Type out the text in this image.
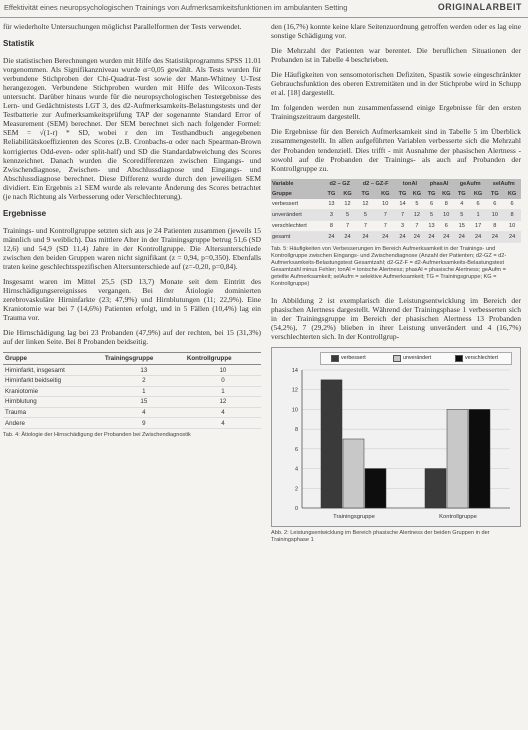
Effektivität eines neuropsychologischen Trainings von Aufmerksamkeitsfunktionen im ambulanten Setting	ORIGINALARBEIT

für wiederholte Untersuchungen möglichst Parallelformen der Tests verwendet.

Statistik

Die statistischen Berechnungen wurden mit Hilfe des Statistikprogramms SPSS 11.01 vorgenommen. Als Signifikanzniveau wurde α=0,05 gewählt. Als Tests wurden für verbundene Stichproben der Chi-Quadrat-Test sowie der Mann-Whitney U-Test herangezogen. Verbundene Stichproben wurden mit Hilfe des Wilcoxon-Tests untersucht. Darüber hinaus wurde für die neuropsychologischen Testergebnisse des Lern- und Gedächtnistests LGT 3, des d2-Aufmerksamkeits-Belastungstests und der Testbatterie zur Aufmerksamkeitsprüfung TAP der sogenannte Standard Error of Measurement (SEM) berechnet. Der SEM berechnet sich nach folgender Formel: SEM = √(1-r) * SD, wobei r den im Testhandbuch angegebenen Reliabilitätskoeffizienten des Scores (z.B. Cronbachs-α oder nach Spearman-Brown korrigiertes Odd-even- oder split-half) und SD die Standardabweichung des Scores kennzeichnet. Danach wurden die Scoredifferenzen zwischen Eingangs- und Zwischendiagnose, Zwischen- und Abschlussdiagnose und Eingangs- und Abschlussdiagnose berechnet. Diese Differenz wurde durch den jeweiligen SEM dividiert. Ein Ergebnis ≥1 SEM wurde als relevante Änderung des Scores betrachtet (je nach Richtung als Verbesserung oder Verschlechterung).

Ergebnisse

Trainings- und Kontrollgruppe setzten sich aus je 24 Patienten zusammen (jeweils 15 männlich und 9 weiblich). Das mittlere Alter in der Trainingsgruppe betrug 51,6 (SD 12,6) und 54,9 (SD 11,4) Jahre in der Kontrollgruppe. Die Altersunterschiede zwischen den beiden Gruppen waren nicht signifikant (z = 0,94, p=0,350). Ebenfalls traten keine geschlechtsspezifischen Altersunterschiede auf (z=-0,20, p=0,84).

Insgesamt waren im Mittel 25,5 (SD 13,7) Monate seit dem Eintritt des Hirnschädigungsereignisses vergangen. Bei der Ätiologie dominierten zerebrovaskuläre Hirninfarkte (23; 47,9%) und Hirnblutungen (11; 22,9%). Eine Kraniotomie war bei 7 (14,6%) Patienten erfolgt, und in 5 Fällen (10,4%) lag ein Trauma vor.

Die Hirnschädigung lag bei 23 Probanden (47,9%) auf der rechten, bei 15 (31,3%) auf der linken Seite. Bei 8 Probanden beidseitig.

Gruppe	Trainingsgruppe	Kontrollgruppe
Hirninfarkt, insgesamt	13	10
Hirninfarkt beidseitig	2	0
Kraniotomie	1	1
Hirnblutung	15	12
Trauma	4	4
Andere	9	4
Tab. 4: Ätiologie der Hirnschädigung der Probanden bei Zwischendiagnostik

den (16,7%) konnte keine klare Seitenzuordnung getroffen werden oder es lag eine sonstige Schädigung vor.

Die Mehrzahl der Patienten war berentet. Die beruflichen Situationen der Probanden ist in Tabelle 4 beschrieben.

Die Häufigkeiten von sensomotorischen Defiziten, Spastik sowie eingeschränkter Gebrauchsfunktion des oberen Extremitäten und in der Stichprobe wird in Schupp et al. [18] dargestellt.

Im folgenden werden nun zusammenfassend einige Ergebnisse für den ersten Trainingszeitraum dargestellt.

Die Ergebnisse für den Bereich Aufmerksamkeit sind in Tabelle 5 im Überblick zusammengestellt. In allen aufgeführten Variablen verbesserte sich die Mehrzahl der Probanden tendenziell. Dies trifft - mit Ausnahme der phasischen Alertness - sowohl auf die Probanden der Trainings- als auch auf Probanden der Kontrollgruppe zu.

Variable	d2 – GZ		d2 – GZ-F		tonAl		phasAl		geAufm		selAufm	
Gruppe	TG	KG	TG	KG	TG	KG	TG	KG	TG	KG	TG	KG
verbessert	13	12	12	10	14	5	6	8	4	6	6	6
unverändert	3	5	5	7	7	12	5	10	5	1	10	8
verschlechtert	8	7	7	7	3	7	13	6	15	17	8	10
gesamt	24	24	24	24	24	24	24	24	24	24	24	24
Tab. 5: Häufigkeiten von Verbesserungen im Bereich Aufmerksamkeit in der Trainings- und Kontrollgruppe zwischen Eingangs- und Zwischendiagnose (Anzahl der Patienten; d2-GZ = d2-Aufmerksamkeits-Belastungstest Gesamtzahl; d2-GZ-F = d2-Aufmerksamkeits-Belastungstest Gesamtzahl minus Fehler; tonAl = tonische Alertness; phasAl = phasische Alertness; geAufm = geteilte Aufmerksamkeit; selAufm = selektive Aufmerksamkeit; TG = Trainingsgruppe; KG = Kontrollgruppe)

In Abbildung 2 ist exemplarisch die Leistungsentwicklung im Bereich der phasischen Alertness dargestellt. Während der Trainingsphase 1 verbesserten sich in der Trainingsgruppe im Bereich der phasischen Alertness 13 Probanden (54,2%), 7 (29,2%) blieben in ihrer Leistung unverändert und 4 (16,7%) verschlechterten sich. In der Kontrollgrup-

verbessert	unverändert	verschlechtert
0
2
4
6
8
10
12
14
Trainingsgruppe	Kontrollgruppe
Abb. 2: Leistungsentwicklung im Bereich phasische Alertness der beiden Gruppen in der Trainingsphase 1
